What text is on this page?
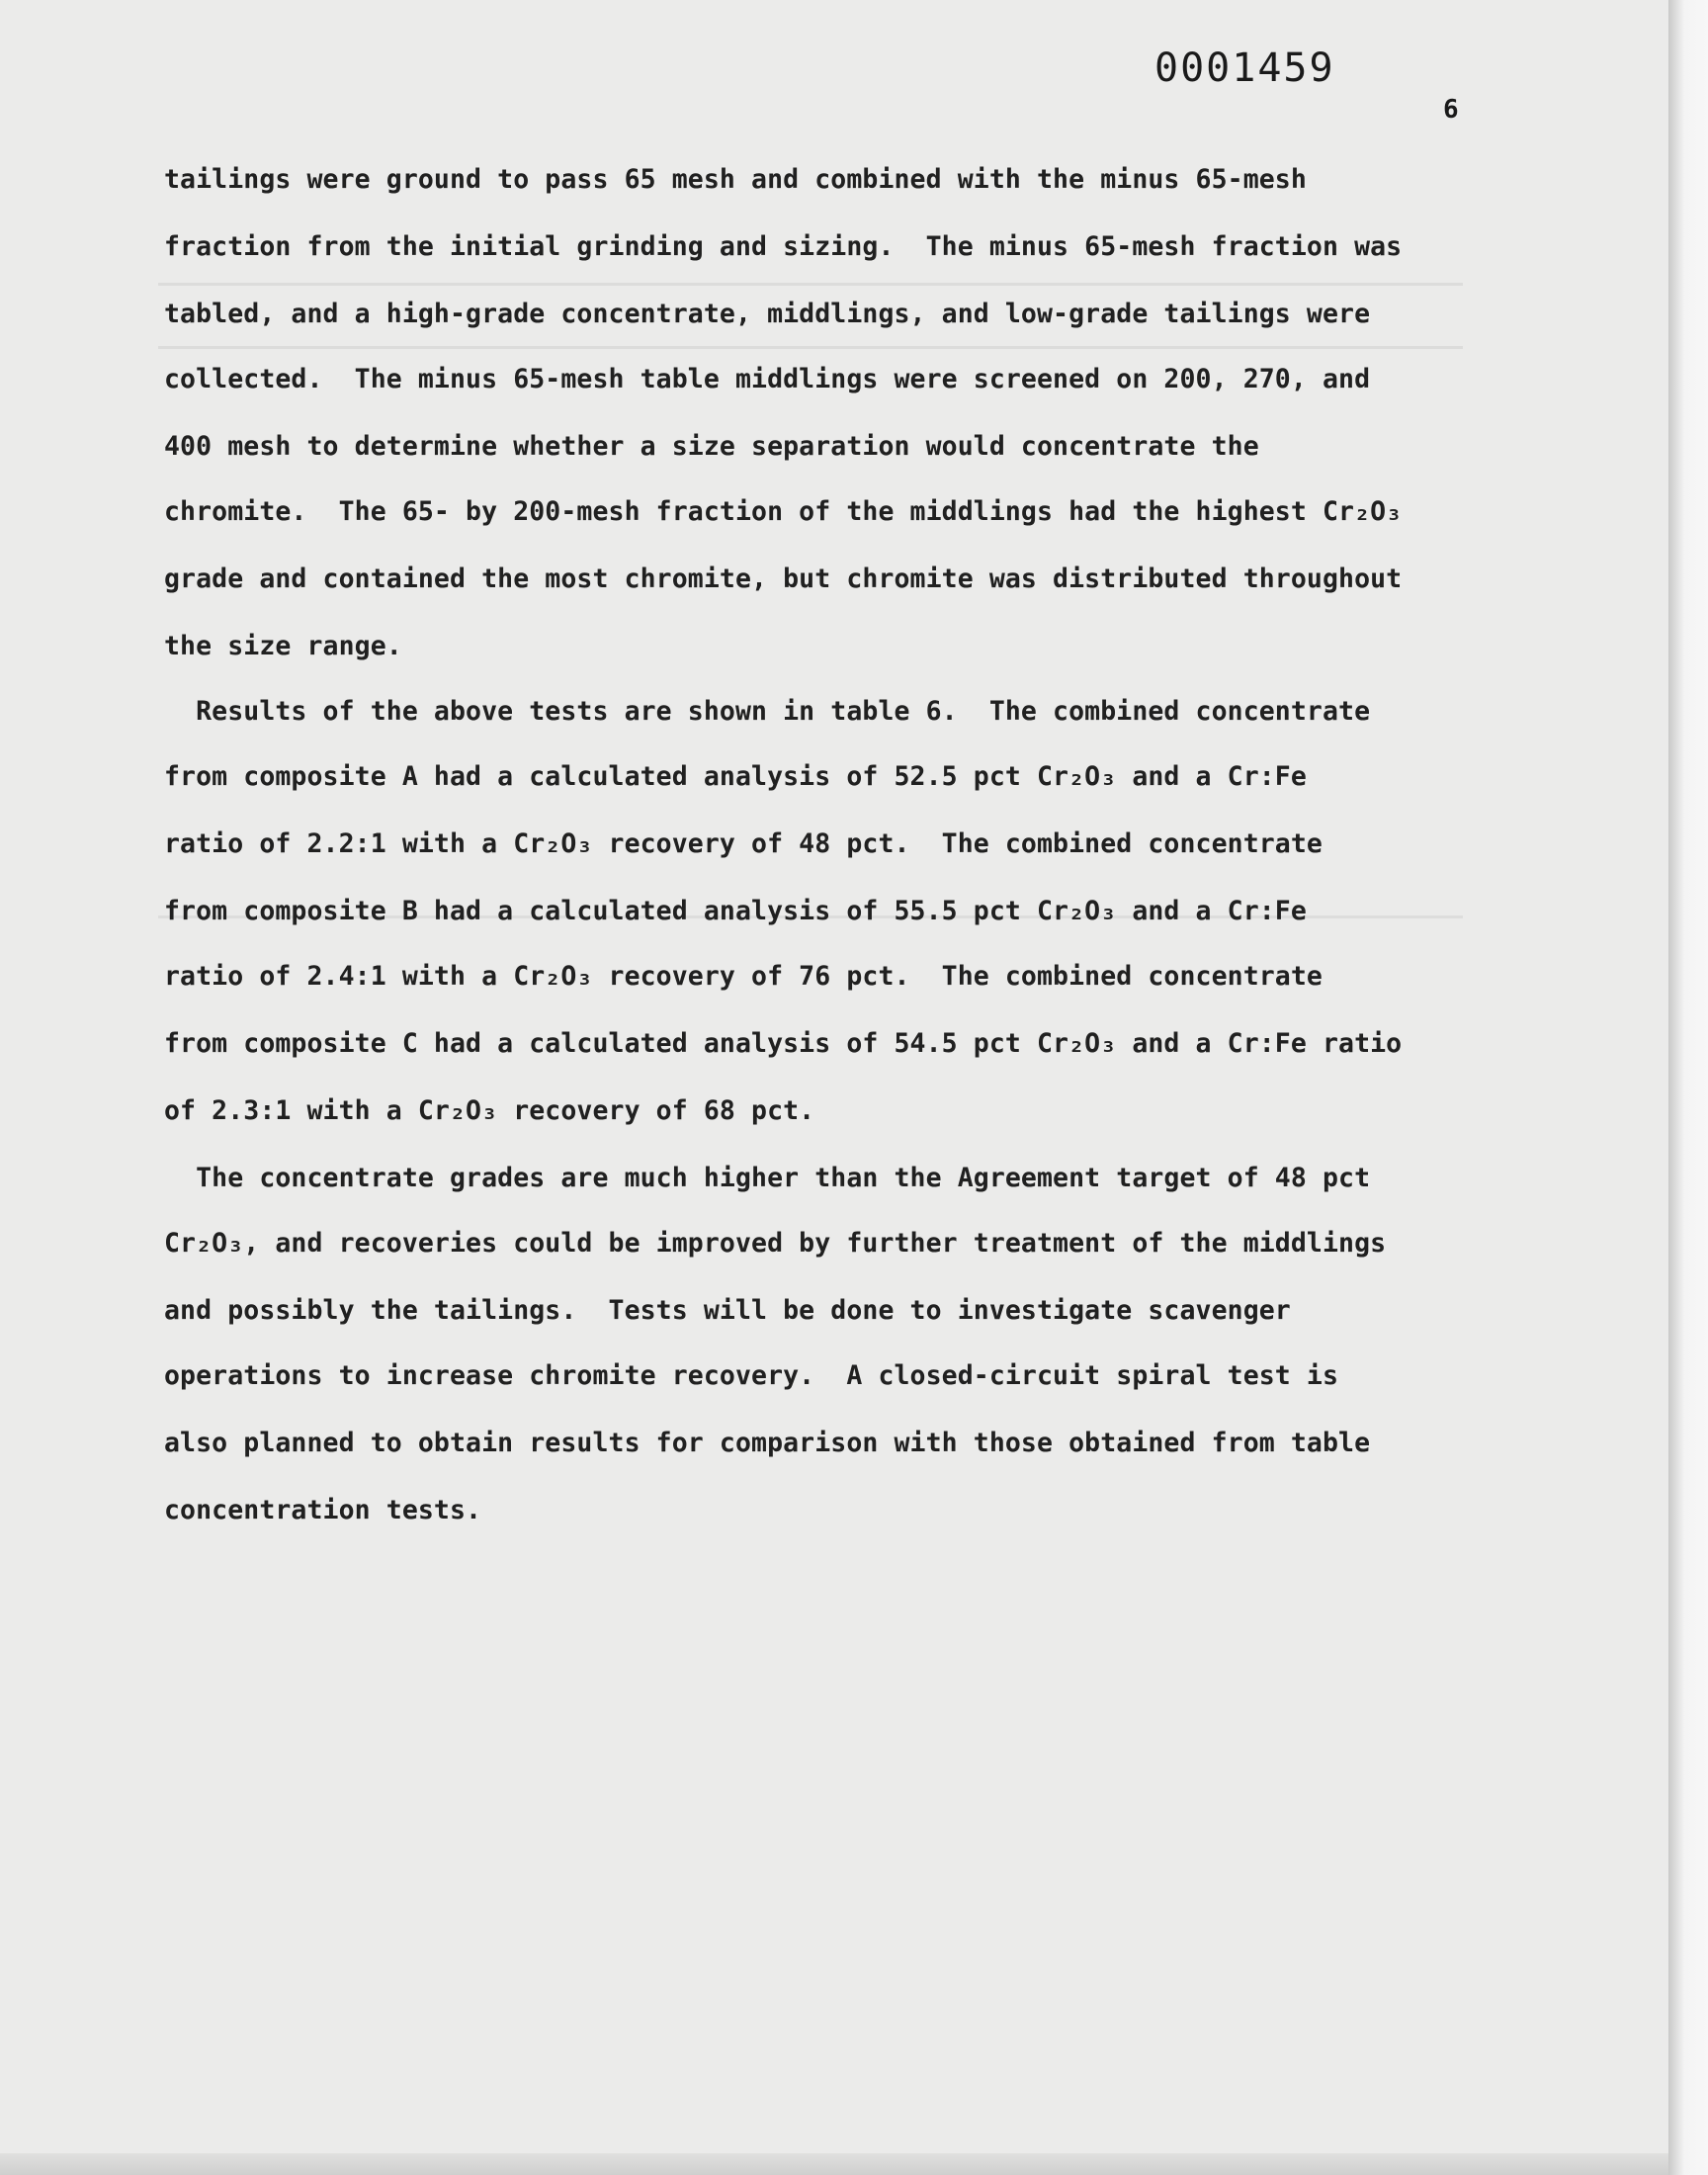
0001459
6
tailings were ground to pass 65 mesh and combined with the minus 65-mesh
fraction from the initial grinding and sizing.  The minus 65-mesh fraction was
tabled, and a high-grade concentrate, middlings, and low-grade tailings were
collected.  The minus 65-mesh table middlings were screened on 200, 270, and
400 mesh to determine whether a size separation would concentrate the
chromite.  The 65- by 200-mesh fraction of the middlings had the highest Cr₂O₃
grade and contained the most chromite, but chromite was distributed throughout
the size range.
Results of the above tests are shown in table 6.  The combined concentrate
from composite A had a calculated analysis of 52.5 pct Cr₂O₃ and a Cr:Fe
ratio of 2.2:1 with a Cr₂O₃ recovery of 48 pct.  The combined concentrate
from composite B had a calculated analysis of 55.5 pct Cr₂O₃ and a Cr:Fe
ratio of 2.4:1 with a Cr₂O₃ recovery of 76 pct.  The combined concentrate
from composite C had a calculated analysis of 54.5 pct Cr₂O₃ and a Cr:Fe ratio
of 2.3:1 with a Cr₂O₃ recovery of 68 pct.
The concentrate grades are much higher than the Agreement target of 48 pct
Cr₂O₃, and recoveries could be improved by further treatment of the middlings
and possibly the tailings.  Tests will be done to investigate scavenger
operations to increase chromite recovery.  A closed-circuit spiral test is
also planned to obtain results for comparison with those obtained from table
concentration tests.
